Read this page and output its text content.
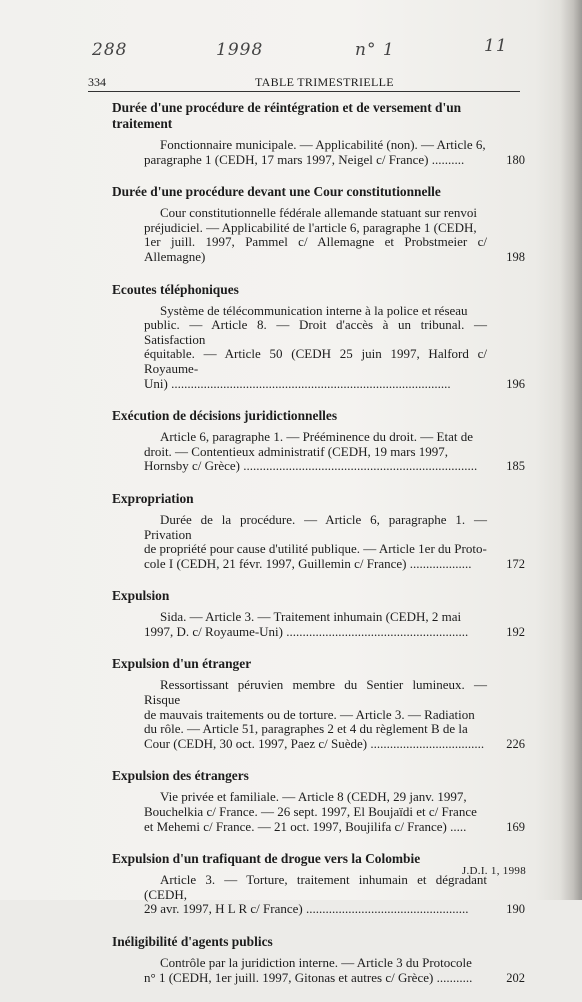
288	1998	n° 1	11
334	TABLE TRIMESTRIELLE
Durée d'une procédure de réintégration et de versement d'un traitement
Fonctionnaire municipale. — Applicabilité (non). — Article 6,
paragraphe 1 (CEDH, 17 mars 1997, Neigel c/ France) ..........	180
Durée d'une procédure devant une Cour constitutionnelle
Cour constitutionnelle fédérale allemande statuant sur renvoi
préjudiciel. — Applicabilité de l'article 6, paragraphe 1 (CEDH,
1er juill. 1997, Pammel c/ Allemagne et Probstmeier c/ Allemagne)	198
Ecoutes téléphoniques
Système de télécommunication interne à la police et réseau
public. — Article 8. — Droit d'accès à un tribunal. — Satisfaction
équitable. — Article 50 (CEDH 25 juin 1997, Halford c/ Royaume-
Uni) ......................................................................................	196
Exécution de décisions juridictionnelles
Article 6, paragraphe 1. — Prééminence du droit. — Etat de
droit. — Contentieux administratif (CEDH, 19 mars 1997,
Hornsby c/ Grèce) ........................................................................	185
Expropriation
Durée de la procédure. — Article 6, paragraphe 1. — Privation
de propriété pour cause d'utilité publique. — Article 1er du Proto-
cole I (CEDH, 21 févr. 1997, Guillemin c/ France) ...................	172
Expulsion
Sida. — Article 3. — Traitement inhumain (CEDH, 2 mai
1997, D. c/ Royaume-Uni) ........................................................	192
Expulsion d'un étranger
Ressortissant péruvien membre du Sentier lumineux. — Risque
de mauvais traitements ou de torture. — Article 3. — Radiation
du rôle. — Article 51, paragraphes 2 et 4 du règlement B de la
Cour (CEDH, 30 oct. 1997, Paez c/ Suède) ...................................	226
Expulsion des étrangers
Vie privée et familiale. — Article 8 (CEDH, 29 janv. 1997,
Bouchelkia c/ France. — 26 sept. 1997, El Boujaïdi et c/ France
et Mehemi c/ France. — 21 oct. 1997, Boujilifa c/ France) .....	169
Expulsion d'un trafiquant de drogue vers la Colombie
Article 3. — Torture, traitement inhumain et dégradant (CEDH,
29 avr. 1997, H L R c/ France) ..................................................	190
Inéligibilité d'agents publics
Contrôle par la juridiction interne. — Article 3 du Protocole
n° 1 (CEDH, 1er juill. 1997, Gitonas et autres c/ Grèce) ...........	202
J.D.I. 1, 1998
